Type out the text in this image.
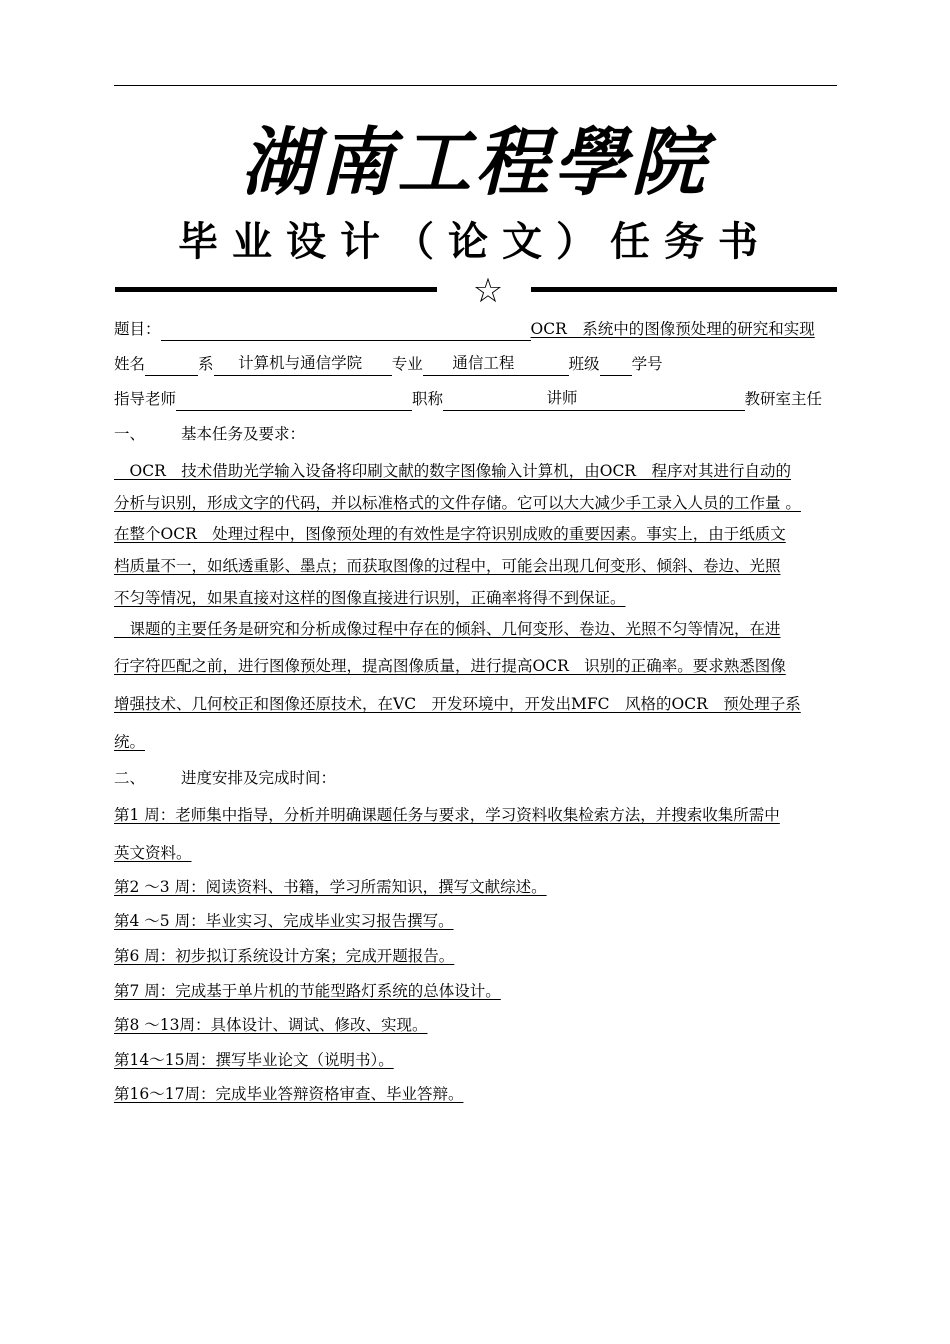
湖南工程學院
毕业设计（论文）任务书
☆
题目：	OCR　系统中的图像预处理的研究和实现
姓名	系 计算机与通信学院 专业 通信工程	班级 学号
指导老师	职称	讲师	教研室主任
一、 基本任务及要求：
　OCR　技术借助光学输入设备将印刷文献的数字图像输入计算机，由OCR　程序对其进行自动的
分析与识别，形成文字的代码，并以标准格式的文件存储。它可以大大减少手工录入人员的工作量 。
在整个OCR　处理过程中，图像预处理的有效性是字符识别成败的重要因素。事实上，由于纸质文
档质量不一，如纸透重影、墨点；而获取图像的过程中，可能会出现几何变形、倾斜、卷边、光照
不匀等情况，如果直接对这样的图像直接进行识别，正确率将得不到保证。
　课题的主要任务是研究和分析成像过程中存在的倾斜、几何变形、卷边、光照不匀等情况，在进
行字符匹配之前，进行图像预处理，提高图像质量，进行提高OCR　识别的正确率。要求熟悉图像
增强技术、几何校正和图像还原技术，在VC　开发环境中，开发出MFC　风格的OCR　预处理子系
统。
二、 进度安排及完成时间：
第1 周：老师集中指导，分析并明确课题任务与要求，学习资料收集检索方法，并搜索收集所需中
英文资料。
第2 ～3 周：阅读资料、书籍，学习所需知识，撰写文献综述。
第4 ～5 周：毕业实习、完成毕业实习报告撰写。
第6 周：初步拟订系统设计方案；完成开题报告。
第7 周：完成基于单片机的节能型路灯系统的总体设计。
第8 ～13周：具体设计、调试、修改、实现。
第14～15周：撰写毕业论文（说明书）。
第16～17周：完成毕业答辩资格审查、毕业答辩。
